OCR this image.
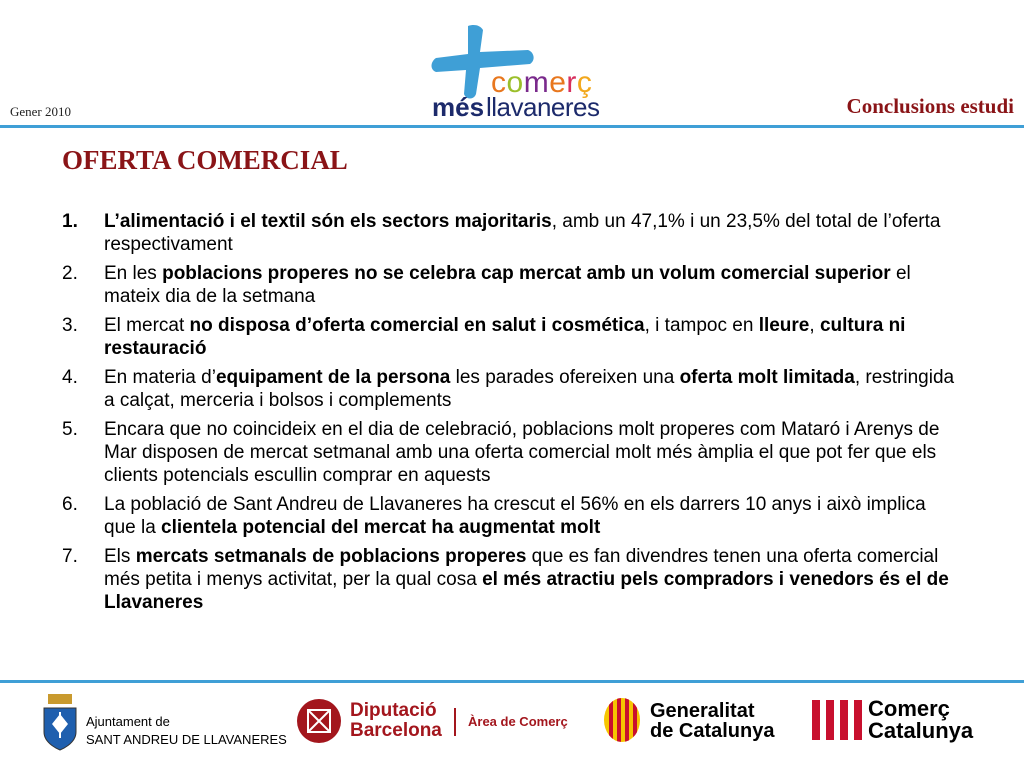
Gener 2010
comerç
més llavaneres	Conclusions estudi
OFERTA COMERCIAL
1. L’alimentació i el textil són els sectors majoritaris, amb un 47,1% i un 23,5% del total de l’oferta respectivament
2. En les poblacions properes no se celebra cap mercat amb un volum comercial superior el mateix dia de la setmana
3. El mercat no disposa d’oferta comercial en salut i cosmética, i tampoc en lleure, cultura ni restauració
4. En materia d’equipament de la persona les parades ofereixen una oferta molt limitada, restringida a calçat, merceria i bolsos i complements
5. Encara que no coincideix en el dia de celebració, poblacions molt properes com Mataró i Arenys de Mar disposen de mercat setmanal amb una oferta comercial molt més àmplia el que pot fer que els clients potencials escullin comprar en aquests
6. La població de Sant Andreu de Llavaneres ha crescut el 56% en els darrers 10 anys i això implica que la clientela potencial del mercat ha augmentat molt
7. Els mercats setmanals de poblacions properes que es fan divendres tenen una oferta comercial més petita i menys activitat, per la qual cosa el més atractiu pels compradors i venedors és el de Llavaneres
Ajuntament de
SANT ANDREU DE LLAVANERES
Diputació
Barcelona Àrea de Comerç	Generalitat
de Catalunya
Comerç
Catalunya
